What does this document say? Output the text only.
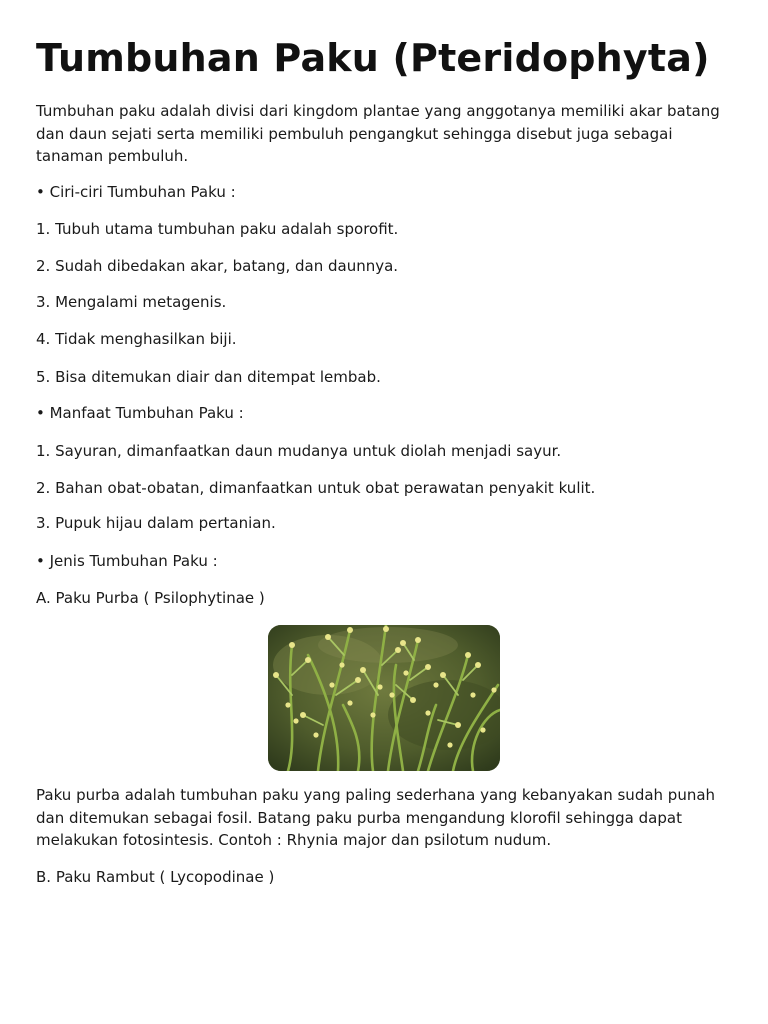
Tumbuhan Paku (Pteridophyta)

Tumbuhan paku adalah divisi dari kingdom plantae yang anggotanya memiliki akar batang dan daun sejati serta memiliki pembuluh pengangkut sehingga disebut juga sebagai tanaman pembuluh.

• Ciri-ciri Tumbuhan Paku :

1. Tubuh utama tumbuhan paku adalah sporofit.

2. Sudah dibedakan akar, batang, dan daunnya.

3. Mengalami metagenis.

4. Tidak menghasilkan biji.

5. Bisa ditemukan diair dan ditempat lembab.

• Manfaat Tumbuhan Paku :

1. Sayuran, dimanfaatkan daun mudanya untuk diolah menjadi sayur.

2. Bahan obat-obatan, dimanfaatkan untuk obat perawatan penyakit kulit.

3. Pupuk hijau dalam pertanian.

• Jenis Tumbuhan Paku :

A. Paku Purba ( Psilophytinae )

Paku purba adalah tumbuhan paku yang paling sederhana yang kebanyakan sudah punah dan ditemukan sebagai fosil. Batang paku purba mengandung klorofil sehingga dapat melakukan fotosintesis. Contoh : Rhynia major dan psilotum nudum.

B. Paku Rambut ( Lycopodinae )
